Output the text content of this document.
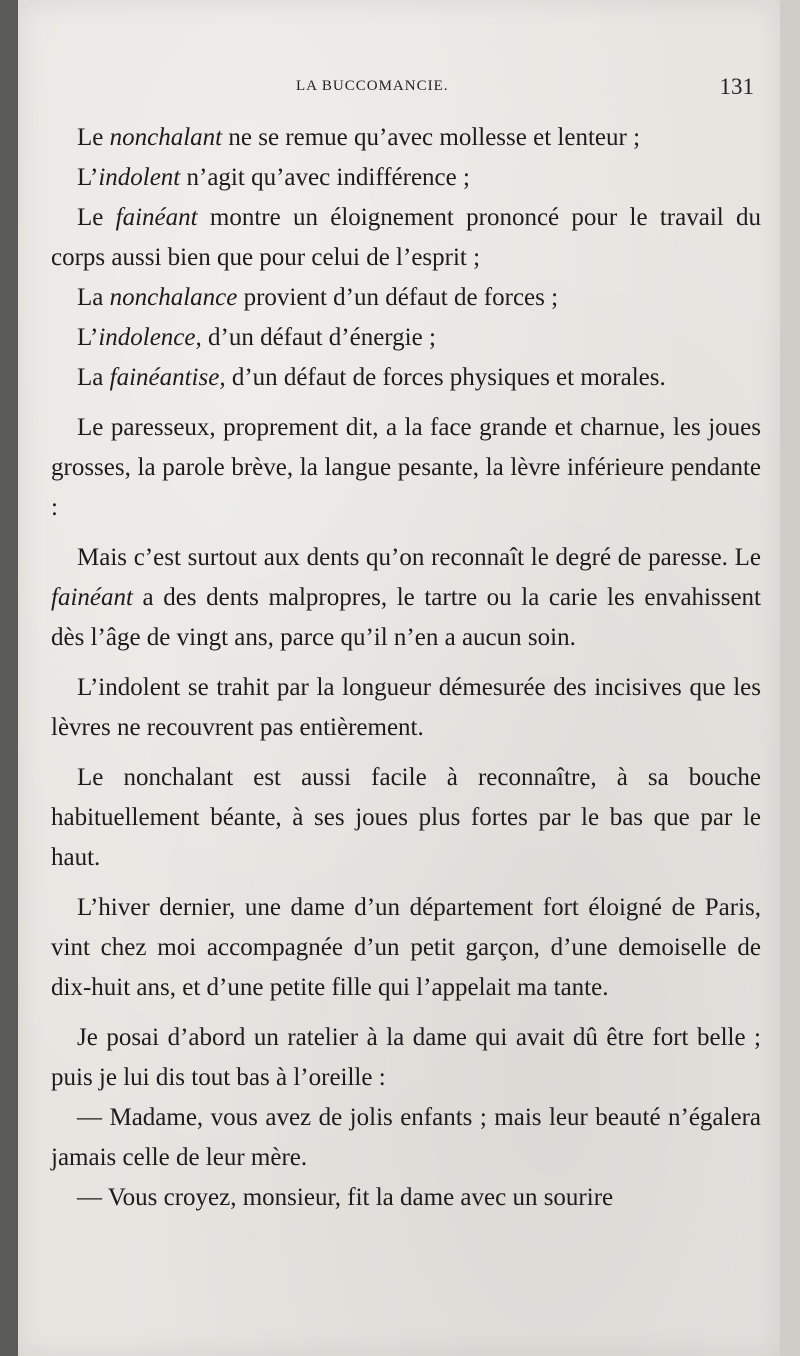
LA BUCCOMANCIE.	131

Le nonchalant ne se remue qu’avec mollesse et lenteur ;

L’indolent n’agit qu’avec indifférence ;

Le fainéant montre un éloignement prononcé pour le travail du corps aussi bien que pour celui de l’esprit ;

La nonchalance provient d’un défaut de forces ;

L’indolence, d’un défaut d’énergie ;

La fainéantise, d’un défaut de forces physiques et morales.

Le paresseux, proprement dit, a la face grande et charnue, les joues grosses, la parole brève, la langue pesante, la lèvre inférieure pendante :

Mais c’est surtout aux dents qu’on reconnaît le degré de paresse. Le fainéant a des dents malpropres, le tartre ou la carie les envahissent dès l’âge de vingt ans, parce qu’il n’en a aucun soin.

L’indolent se trahit par la longueur démesurée des incisives que les lèvres ne recouvrent pas entièrement.

Le nonchalant est aussi facile à reconnaître, à sa bouche habituellement béante, à ses joues plus fortes par le bas que par le haut.

L’hiver dernier, une dame d’un département fort éloigné de Paris, vint chez moi accompagnée d’un petit garçon, d’une demoiselle de dix-huit ans, et d’une petite fille qui l’appelait ma tante.

Je posai d’abord un ratelier à la dame qui avait dû être fort belle ; puis je lui dis tout bas à l’oreille :

— Madame, vous avez de jolis enfants ; mais leur beauté n’égalera jamais celle de leur mère.

— Vous croyez, monsieur, fit la dame avec un sourire
